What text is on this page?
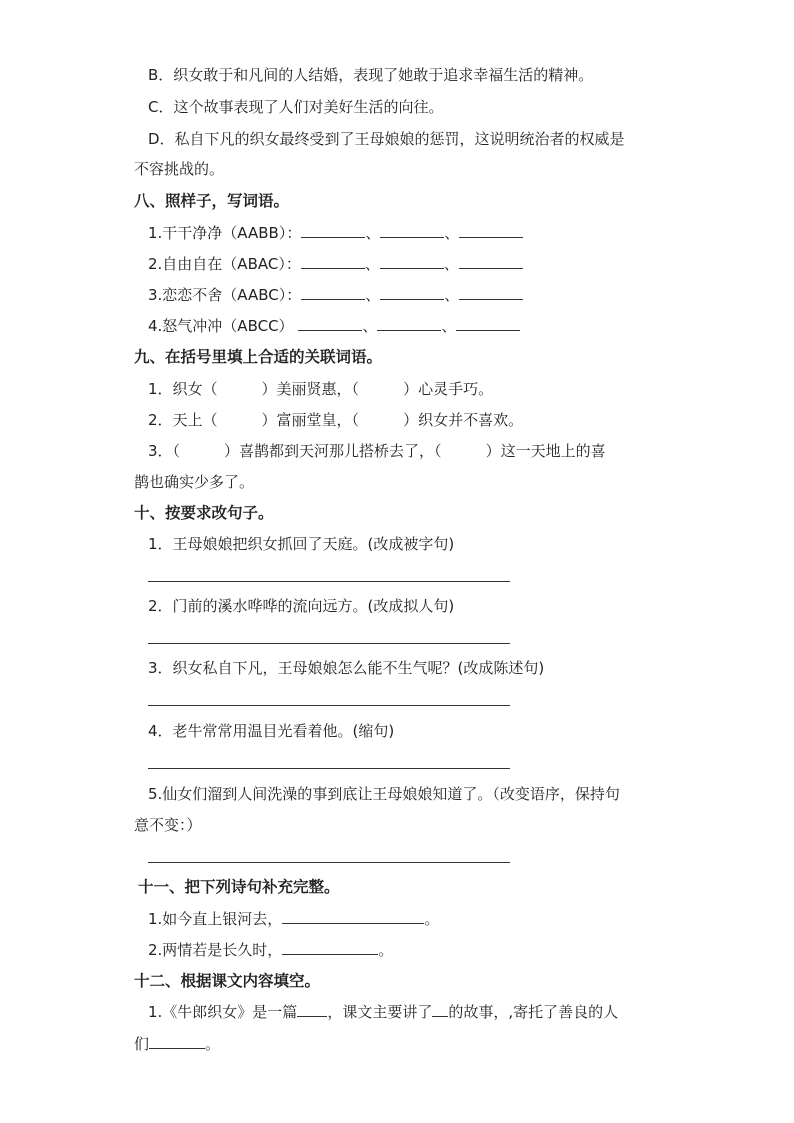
B．织女敢于和凡间的人结婚，表现了她敢于追求幸福生活的精神。
C．这个故事表现了人们对美好生活的向往。
D．私自下凡的织女最终受到了王母娘娘的惩罚，这说明统治者的权威是
不容挑战的。
八、照样子，写词语。
1.干干净净（AABB）：	、	、
2.自由自在（ABAC）：	、	、
3.恋恋不舍（AABC）：	、	、
4.怒气冲冲（ABCC）	、	、
九、在括号里填上合适的关联词语。
1．织女（	）美丽贤惠，（	）心灵手巧。
2．天上（	）富丽堂皇，（	）织女并不喜欢。
3．（	）喜鹊都到天河那儿搭桥去了，（	）这一天地上的喜
鹊也确实少多了。
十、按要求改句子。
1．王母娘娘把织女抓回了天庭。(改成被字句)
2．门前的溪水哗哗的流向远方。(改成拟人句)
3．织女私自下凡，王母娘娘怎么能不生气呢？(改成陈述句)
4．老牛常常用温目光看着他。(缩句)
5.仙女们溜到人间洗澡的事到底让王母娘娘知道了。（改变语序，保持句
意不变：）
十一、把下列诗句补充完整。
1.如今直上银河去，	。
2.两情若是长久时，	。
十二、根据课文内容填空。
1.《牛郎织女》是一篇 ，课文主要讲了 的故事，,寄托了善良的人
们	。
